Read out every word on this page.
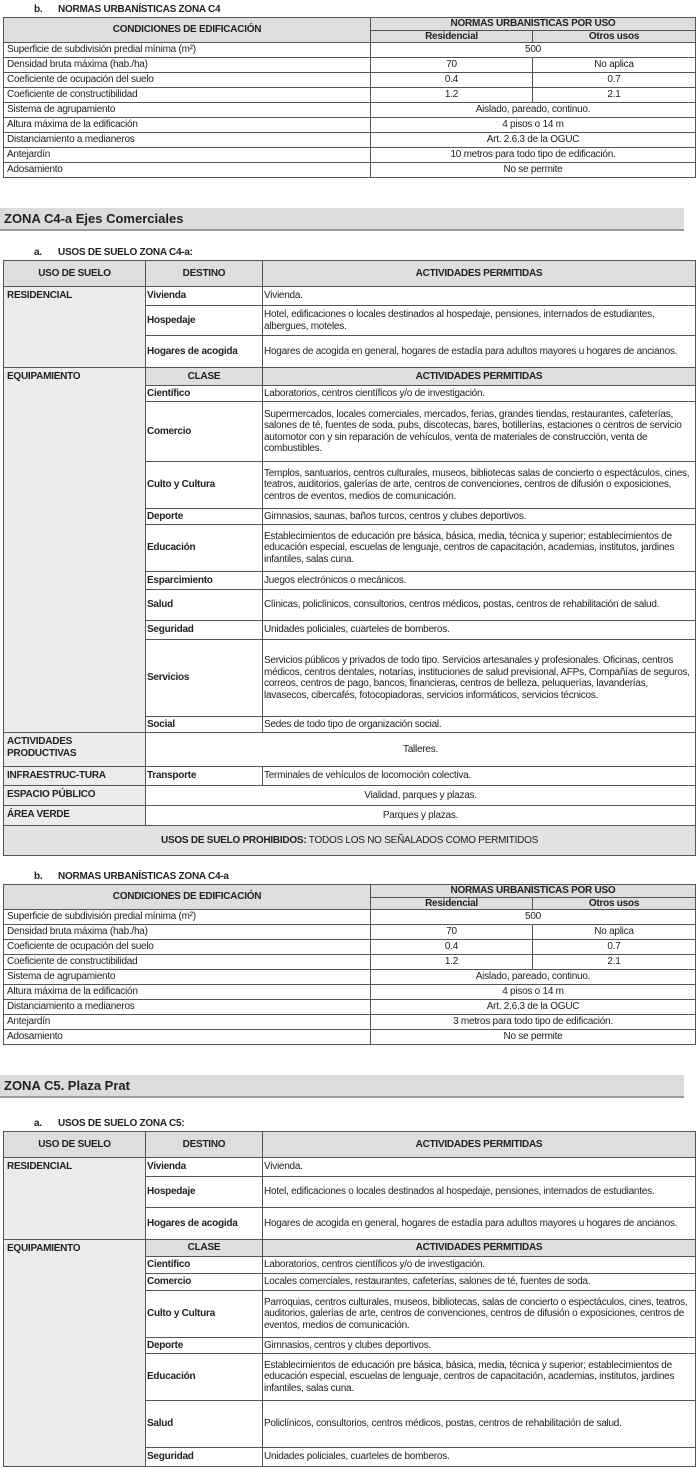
b. NORMAS URBANÍSTICAS ZONA C4
CONDICIONES DE EDIFICACIÓN	NORMAS URBANÍSTICAS POR USO	
	Residencial	Otros usos
Superficie de subdivisión predial mínima (m²)	500	
Densidad bruta máxima (hab./ha)	70	No aplica
Coeficiente de ocupación del suelo	0.4	0.7
Coeficiente de constructibilidad	1.2	2.1
Sistema de agrupamiento	Aislado, pareado, continuo.	
Altura máxima de la edificación	4 pisos o 14 m	
Distanciamiento a medianeros	Art. 2.6.3 de la OGUC	
Antejardín	10 metros para todo tipo de edificación.	
Adosamiento	No se permite	
ZONA C4-a Ejes Comerciales
a. USOS DE SUELO ZONA C4-a:
USO DE SUELO	DESTINO	ACTIVIDADES PERMITIDAS
RESIDENCIAL	Vivienda	Vivienda.
	Hospedaje	Hotel, edificaciones o locales destinados al hospedaje, pensiones, internados de estudiantes, albergues, moteles.
	Hogares de acogida	Hogares de acogida en general, hogares de estadía para adultos mayores u hogares de ancianos.
EQUIPAMIENTO	CLASE	ACTIVIDADES PERMITIDAS
	Científico	Laboratorios, centros científicos y/o de investigación.
	Comercio	Supermercados, locales comerciales, mercados, ferias, grandes tiendas, restaurantes, cafeterías, salones de té, fuentes de soda, pubs, discotecas, bares, botillerías, estaciones o centros de servicio automotor con y sin reparación de vehículos, venta de materiales de construcción, venta de combustibles.
	Culto y Cultura	Templos, santuarios, centros culturales, museos, bibliotecas salas de concierto o espectáculos, cines, teatros, auditorios, galerías de arte, centros de convenciones, centros de difusión o exposiciones, centros de eventos, medios de comunicación.
	Deporte	Gimnasios, saunas, baños turcos, centros y clubes deportivos.
	Educación	Establecimientos de educación pre básica, básica, media, técnica y superior; establecimientos de educación especial, escuelas de lenguaje, centros de capacitación, academias, institutos, jardines infantiles, salas cuna.
	Esparcimiento	Juegos electrónicos o mecánicos.
	Salud	Clínicas, policlínicos, consultorios, centros médicos, postas, centros de rehabilitación de salud.
	Seguridad	Unidades policiales, cuarteles de bomberos.
	Servicios	Servicios públicos y privados de todo tipo. Servicios artesanales y profesionales. Oficinas, centros médicos, centros dentales, notarías, instituciones de salud previsional, AFPs, Compañías de seguros, correos, centros de pago, bancos, financieras, centros de belleza, peluquerías, lavanderías, lavasecos, cibercafés, fotocopiadoras, servicios informáticos, servicios técnicos.
	Social	Sedes de todo tipo de organización social.
ACTIVIDADES PRODUCTIVAS	Talleres.	
INFRAESTRUC-TURA	Transporte	Terminales de vehículos de locomoción colectiva.
ESPACIO PÚBLICO	Vialidad, parques y plazas.	
ÁREA VERDE	Parques y plazas.	
USOS DE SUELO PROHIBIDOS: TODOS LOS NO SEÑALADOS COMO PERMITIDOS		
b. NORMAS URBANÍSTICAS ZONA C4-a
CONDICIONES DE EDIFICACIÓN	NORMAS URBANÍSTICAS POR USO	
	Residencial	Otros usos
Superficie de subdivisión predial mínima (m²)	500	
Densidad bruta máxima (hab./ha)	70	No aplica
Coeficiente de ocupación del suelo	0.4	0.7
Coeficiente de constructibilidad	1.2	2.1
Sistema de agrupamiento	Aislado, pareado, continuo.	
Altura máxima de la edificación	4 pisos o 14 m	
Distanciamiento a medianeros	Art. 2.6.3 de la OGUC	
Antejardín	3 metros para todo tipo de edificación.	
Adosamiento	No se permite	
ZONA C5. Plaza Prat
a. USOS DE SUELO ZONA C5:
USO DE SUELO	DESTINO	ACTIVIDADES PERMITIDAS
RESIDENCIAL	Vivienda	Vivienda.
	Hospedaje	Hotel, edificaciones o locales destinados al hospedaje, pensiones, internados de estudiantes.
	Hogares de acogida	Hogares de acogida en general, hogares de estadía para adultos mayores u hogares de ancianos.
EQUIPAMIENTO	CLASE	ACTIVIDADES PERMITIDAS
	Científico	Laboratorios, centros científicos y/o de investigación.
	Comercio	Locales comerciales, restaurantes, cafeterías, salones de té, fuentes de soda.
	Culto y Cultura	Parroquias, centros culturales, museos, bibliotecas, salas de concierto o espectáculos, cines, teatros, auditorios, galerías de arte, centros de convenciones, centros de difusión o exposiciones, centros de eventos, medios de comunicación.
	Deporte	Gimnasios, centros y clubes deportivos.
	Educación	Establecimientos de educación pre básica, básica, media, técnica y superior; establecimientos de educación especial, escuelas de lenguaje, centros de capacitación, academias, institutos, jardines infantiles, salas cuna.
	Salud	Policlínicos, consultorios, centros médicos, postas, centros de rehabilitación de salud.
	Seguridad	Unidades policiales, cuarteles de bomberos.
